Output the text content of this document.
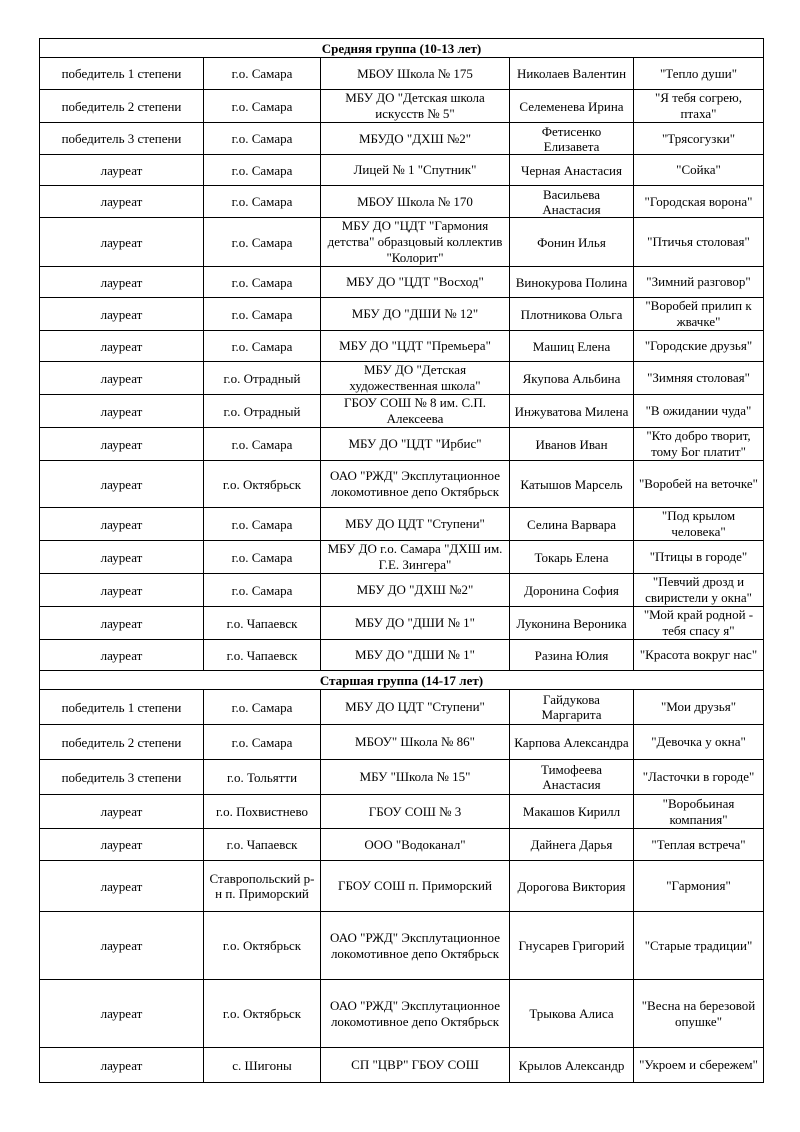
Средняя группа (10-13 лет)				
победитель 1 степени	г.о. Самара	МБОУ Школа № 175	Николаев Валентин	"Тепло души"
победитель 2 степени	г.о. Самара	МБУ ДО "Детская школа искусств № 5"	Селеменева Ирина	"Я тебя согрею, птаха"
победитель 3 степени	г.о. Самара	МБУДО "ДХШ №2"	Фетисенко Елизавета	"Трясогузки"
лауреат	г.о. Самара	Лицей № 1 "Спутник"	Черная Анастасия	"Сойка"
лауреат	г.о. Самара	МБОУ Школа № 170	Васильева Анастасия	"Городская ворона"
лауреат	г.о. Самара	МБУ ДО "ЦДТ "Гармония детства" образцовый коллектив "Колорит"	Фонин Илья	"Птичья столовая"
лауреат	г.о. Самара	МБУ ДО "ЦДТ "Восход"	Винокурова Полина	"Зимний разговор"
лауреат	г.о. Самара	МБУ ДО "ДШИ № 12"	Плотникова Ольга	"Воробей прилип к жвачке"
лауреат	г.о. Самара	МБУ ДО "ЦДТ "Премьера"	Машиц Елена	"Городские друзья"
лауреат	г.о. Отрадный	МБУ ДО "Детская художественная школа"	Якупова Альбина	"Зимняя столовая"
лауреат	г.о. Отрадный	ГБОУ СОШ № 8 им. С.П. Алексеева	Инжуватова Милена	"В ожидании чуда"
лауреат	г.о. Самара	МБУ ДО "ЦДТ "Ирбис"	Иванов Иван	"Кто добро творит, тому Бог платит"
лауреат	г.о. Октябрьск	ОАО "РЖД" Эксплутационное локомотивное депо Октябрьск	Катышов Марсель	"Воробей на веточке"
лауреат	г.о. Самара	МБУ ДО ЦДТ "Ступени"	Селина Варвара	"Под крылом человека"
лауреат	г.о. Самара	МБУ ДО г.о. Самара "ДХШ им. Г.Е. Зингера"	Токарь Елена	"Птицы в городе"
лауреат	г.о. Самара	МБУ ДО "ДХШ №2"	Доронина София	"Певчий дрозд и свиристели у окна"
лауреат	г.о. Чапаевск	МБУ ДО "ДШИ № 1"	Луконина Вероника	"Мой край родной - тебя спасу я"
лауреат	г.о. Чапаевск	МБУ ДО "ДШИ № 1"	Разина Юлия	"Красота вокруг нас"
Старшая группа (14-17 лет)				
победитель 1 степени	г.о. Самара	МБУ ДО ЦДТ "Ступени"	Гайдукова Маргарита	"Мои друзья"
победитель 2 степени	г.о. Самара	МБОУ" Школа № 86"	Карпова Александра	"Девочка у окна"
победитель 3 степени	г.о. Тольятти	МБУ "Школа № 15"	Тимофеева Анастасия	"Ласточки в городе"
лауреат	г.о. Похвистнево	ГБОУ СОШ № 3	Макашов Кирилл	"Воробьиная компания"
лауреат	г.о. Чапаевск	ООО "Водоканал"	Дайнега Дарья	"Теплая встреча"
лауреат	Ставропольский р-н п. Приморский	ГБОУ СОШ п. Приморский	Дорогова Виктория	"Гармония"
лауреат	г.о. Октябрьск	ОАО "РЖД" Эксплутационное локомотивное депо Октябрьск	Гнусарев Григорий	"Старые традиции"
лауреат	г.о. Октябрьск	ОАО "РЖД" Эксплутационное локомотивное депо Октябрьск	Трыкова Алиса	"Весна на березовой опушке"
лауреат	с. Шигоны	СП "ЦВР" ГБОУ СОШ	Крылов Александр	"Укроем и сбережем"
